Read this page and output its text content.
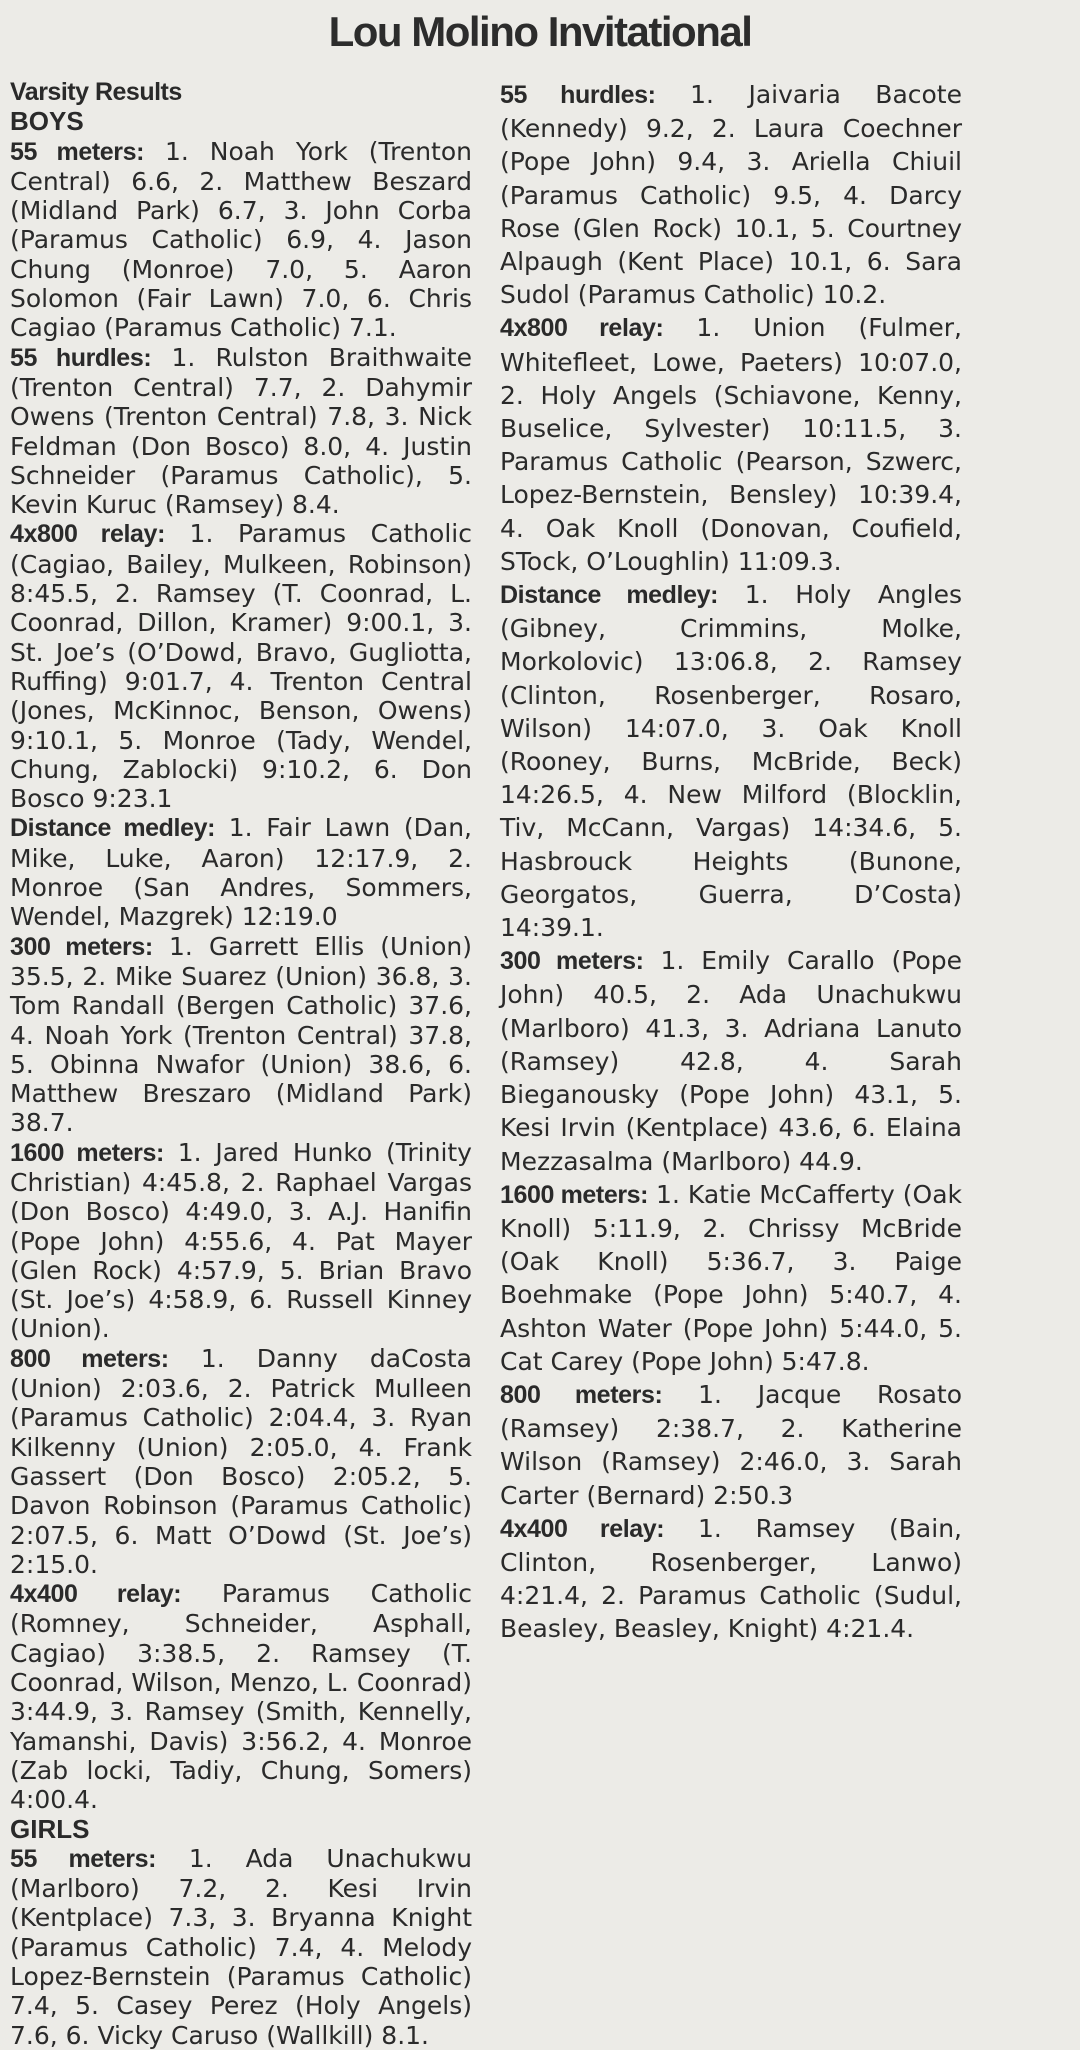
Lou Molino Invitational

Varsity Results

BOYS

55 meters: 1. Noah York (Trenton Central) 6.6, 2. Matthew Beszard (Midland Park) 6.7, 3. John Corba (Paramus Catholic) 6.9, 4. Jason Chung (Monroe) 7.0, 5. Aaron Solomon (Fair Lawn) 7.0, 6. Chris Cagiao (Paramus Catholic) 7.1.

55 hurdles: 1. Rulston Braithwaite (Trenton Central) 7.7, 2. Dahymir Owens (Trenton Central) 7.8, 3. Nick Feldman (Don Bosco) 8.0, 4. Justin Schneider (Paramus Catholic), 5. Kevin Kuruc (Ramsey) 8.4.

4x800 relay: 1. Paramus Catholic (Cagiao, Bailey, Mulkeen, Robinson) 8:45.5, 2. Ramsey (T. Coonrad, L. Coonrad, Dillon, Kramer) 9:00.1, 3. St. Joe’s (O’Dowd, Bravo, Gugliotta, Ruffing) 9:01.7, 4. Trenton Central (Jones, McKinnoc, Benson, Owens) 9:10.1, 5. Monroe (Tady, Wendel, Chung, Zablocki) 9:10.2, 6. Don Bosco 9:23.1

Distance medley: 1. Fair Lawn (Dan, Mike, Luke, Aaron) 12:17.9, 2. Monroe (San Andres, Sommers, Wendel, Mazgrek) 12:19.0

300 meters: 1. Garrett Ellis (Union) 35.5, 2. Mike Suarez (Union) 36.8, 3. Tom Randall (Bergen Catholic) 37.6, 4. Noah York (Trenton Central) 37.8, 5. Obinna Nwafor (Union) 38.6, 6. Matthew Breszaro (Midland Park) 38.7.

1600 meters: 1. Jared Hunko (Trinity Christian) 4:45.8, 2. Raphael Vargas (Don Bosco) 4:49.0, 3. A.J. Hanifin (Pope John) 4:55.6, 4. Pat Mayer (Glen Rock) 4:57.9, 5. Brian Bravo (St. Joe’s) 4:58.9, 6. Russell Kinney (Union).

800 meters: 1. Danny daCosta (Union) 2:03.6, 2. Patrick Mulleen (Paramus Catholic) 2:04.4, 3. Ryan Kilkenny (Union) 2:05.0, 4. Frank Gassert (Don Bosco) 2:05.2, 5. Davon Robinson (Paramus Catholic) 2:07.5, 6. Matt O’Dowd (St. Joe’s) 2:15.0.

4x400 relay: Paramus Catholic (Romney, Schneider, Asphall, Cagiao) 3:38.5, 2. Ramsey (T. Coonrad, Wilson, Menzo, L. Coonrad) 3:44.9, 3. Ramsey (Smith, Kennelly, Yamanshi, Davis) 3:56.2, 4. Monroe (Zab locki, Tadiy, Chung, Somers) 4:00.4.

GIRLS

55 meters: 1. Ada Unachukwu (Marlboro) 7.2, 2. Kesi Irvin (Kentplace) 7.3, 3. Bryanna Knight (Paramus Catholic) 7.4, 4. Melody Lopez-Bernstein (Paramus Catholic) 7.4, 5. Casey Perez (Holy Angels) 7.6, 6. Vicky Caruso (Wallkill) 8.1.

55 hurdles: 1. Jaivaria Bacote (Kennedy) 9.2, 2. Laura Coechner (Pope John) 9.4, 3. Ariella Chiuil (Paramus Catholic) 9.5, 4. Darcy Rose (Glen Rock) 10.1, 5. Courtney Alpaugh (Kent Place) 10.1, 6. Sara Sudol (Paramus Catholic) 10.2.

4x800 relay: 1. Union (Fulmer, Whitefleet, Lowe, Paeters) 10:07.0, 2. Holy Angels (Schiavone, Kenny, Buselice, Sylvester) 10:11.5, 3. Paramus Catholic (Pearson, Szwerc, Lopez-Bernstein, Bensley) 10:39.4, 4. Oak Knoll (Donovan, Coufield, STock, O’Loughlin) 11:09.3.

Distance medley: 1. Holy Angles (Gibney, Crimmins, Molke, Morkolovic) 13:06.8, 2. Ramsey (Clinton, Rosenberger, Rosaro, Wilson) 14:07.0, 3. Oak Knoll (Rooney, Burns, McBride, Beck) 14:26.5, 4. New Milford (Blocklin, Tiv, McCann, Vargas) 14:34.6, 5. Hasbrouck Heights (Bunone, Georgatos, Guerra, D’Costa) 14:39.1.

300 meters: 1. Emily Carallo (Pope John) 40.5, 2. Ada Unachukwu (Marlboro) 41.3, 3. Adriana Lanuto (Ramsey) 42.8, 4. Sarah Bieganousky (Pope John) 43.1, 5. Kesi Irvin (Kentplace) 43.6, 6. Elaina Mezzasalma (Marlboro) 44.9.

1600 meters: 1. Katie McCafferty (Oak Knoll) 5:11.9, 2. Chrissy McBride (Oak Knoll) 5:36.7, 3. Paige Boehmake (Pope John) 5:40.7, 4. Ashton Water (Pope John) 5:44.0, 5. Cat Carey (Pope John) 5:47.8.

800 meters: 1. Jacque Rosato (Ramsey) 2:38.7, 2. Katherine Wilson (Ramsey) 2:46.0, 3. Sarah Carter (Bernard) 2:50.3

4x400 relay: 1. Ramsey (Bain, Clinton, Rosenberger, Lanwo) 4:21.4, 2. Paramus Catholic (Sudul, Beasley, Beasley, Knight) 4:21.4.
